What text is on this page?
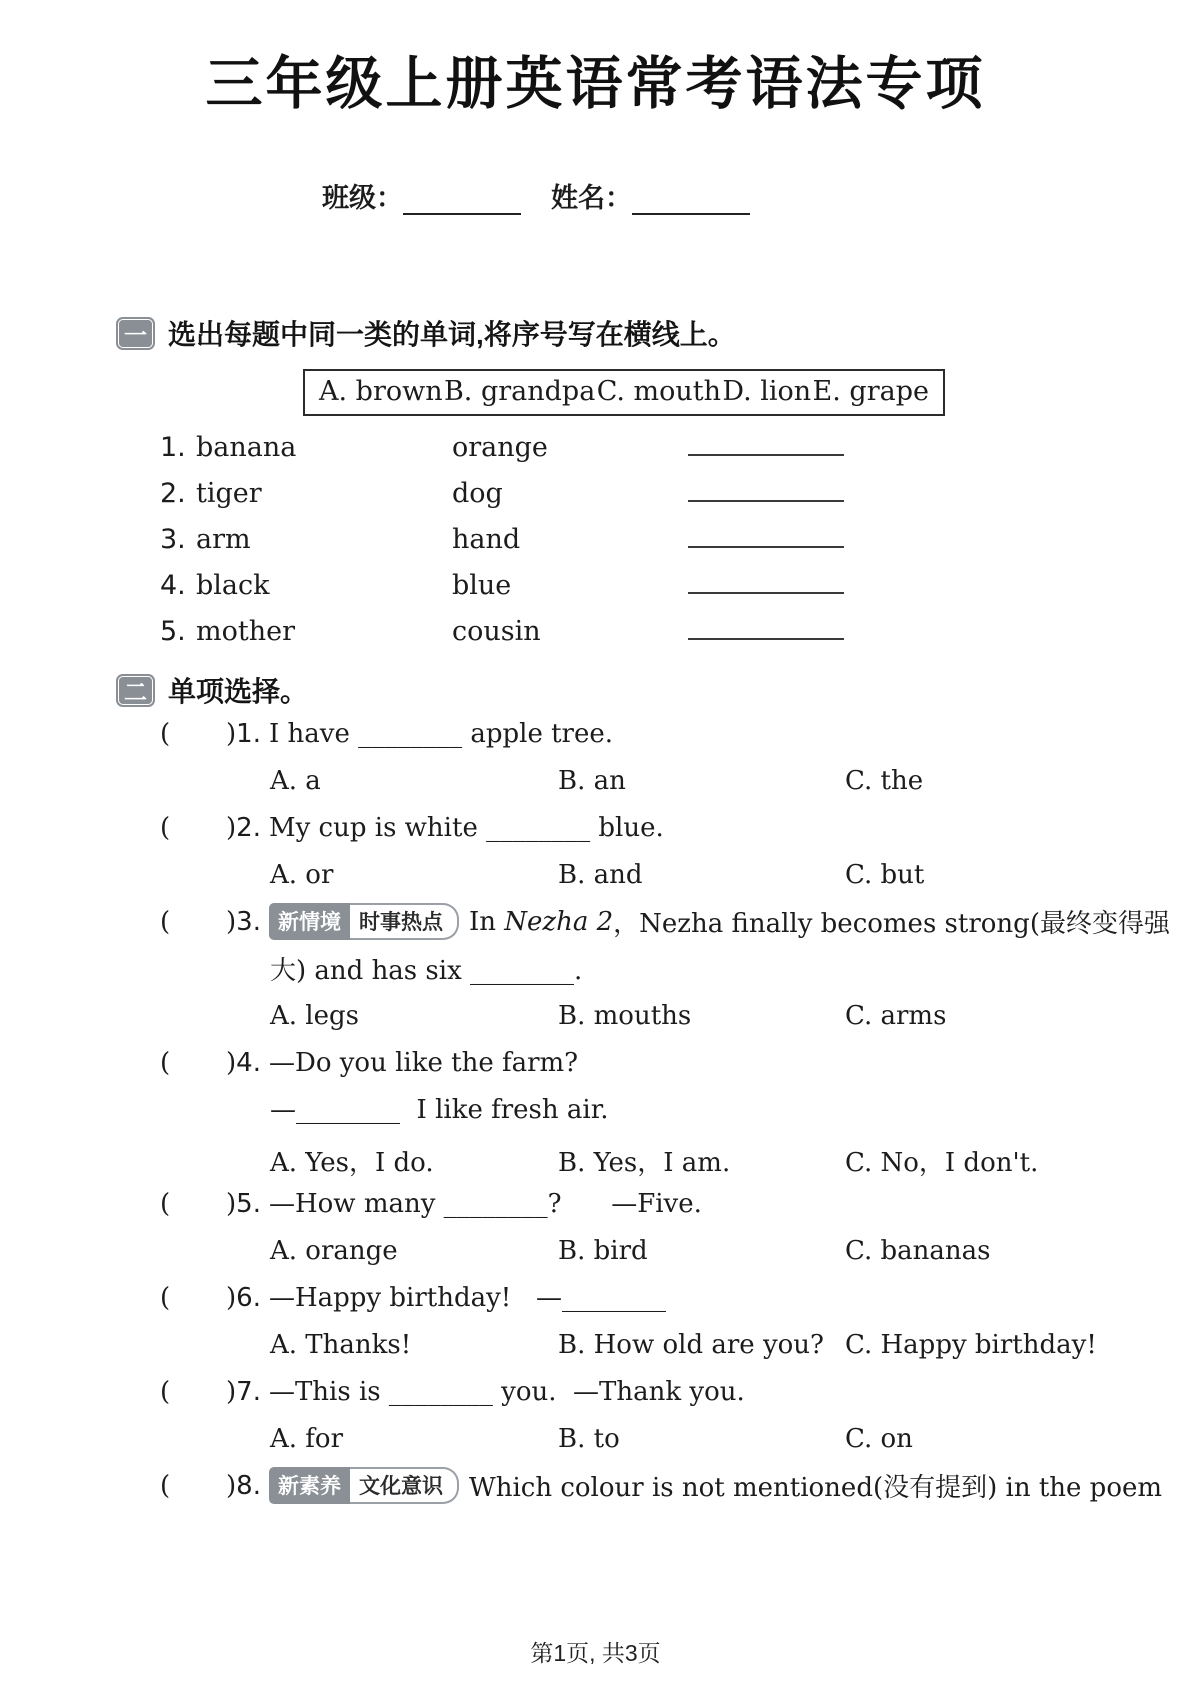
三年级上册英语常考语法专项
班级：	姓名：
一 选出每题中同一类的单词,将序号写在横线上。
A. brown B. grandpa C. mouth D. lion E. grape
1. banana	orange
2. tiger	dog
3. arm	hand
4. black	blue
5. mother	cousin
二 单项选择。
(	) 1. I have ________ apple tree.

A. a

	B. an

	C. the

(	) 2. My cup is white ________ blue.

A. or

	B. and

	C. but

(	) 3. 新情境 时事热点	In Nezha 2 ，Nezha finally becomes strong(最终变得强
大) and has six ________.

A. legs

	B. mouths

	C. arms

(	) 4. —Do you like the farm?
—________  I like fresh air.

A. Yes，I do.

	B. Yes，I am.

	C. No，I don't.

(	) 5. —How many ________?      —Five.

A. orange

	B. bird

	C. bananas

(	) 6. —Happy birthday!   —________

A. Thanks!

	B. How old are you?

C. Happy birthday!

(	) 7. —This is ________ you.  —Thank you.

A. for

	B. to

	C. on

(	) 8. 新素养 文化意识	Which colour is not mentioned(没有提到) in the poem
第1页, 共3页
